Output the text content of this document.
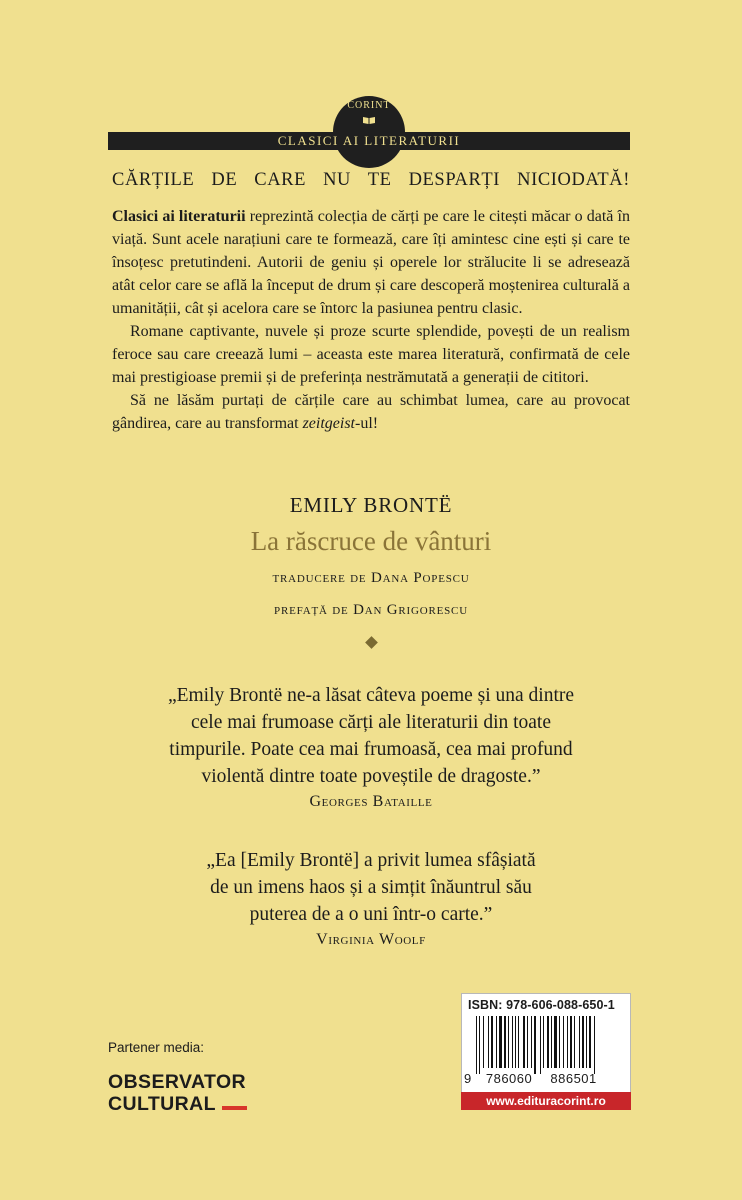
CORINT
CLASICI AI LITERATURII
CĂRȚILE DE CARE NU TE DESPARȚI NICIODATĂ!

Clasici ai literaturii reprezintă colecția de cărți pe care le citești măcar o dată în viață. Sunt acele narațiuni care te formează, care îți amintesc cine ești și care te însoțesc pretutindeni. Autorii de geniu și operele lor strălucite li se adresează atât celor care se află la început de drum și care descoperă moștenirea culturală a umanității, cât și acelora care se întorc la pasiunea pentru clasic.

Romane captivante, nuvele și proze scurte splendide, povești de un realism feroce sau care creează lumi – aceasta este marea literatură, confirmată de cele mai prestigioase premii și de preferința nestrămutată a generații de cititori.

Să ne lăsăm purtați de cărțile care au schimbat lumea, care au provocat gândirea, care au transformat zeitgeist-ul!

EMILY BRONTË

La răscruce de vânturi

traducere de Dana Popescu

prefață de Dan Grigorescu

„Emily Brontë ne-a lăsat câteva poeme și una dintre

cele mai frumoase cărți ale literaturii din toate

timpurile. Poate cea mai frumoasă, cea mai profund

violentă dintre toate poveștile de dragoste.”

Georges Bataille

„Ea [Emily Brontë] a privit lumea sfâșiată

de un imens haos și a simțit înăuntrul său

puterea de a o uni într-o carte.”

Virginia Woolf

Partener media:

OBSERVATOR
CULTURAL
ISBN: 978-606-088-650-1
9 786060 886501
www.edituracorint.ro
